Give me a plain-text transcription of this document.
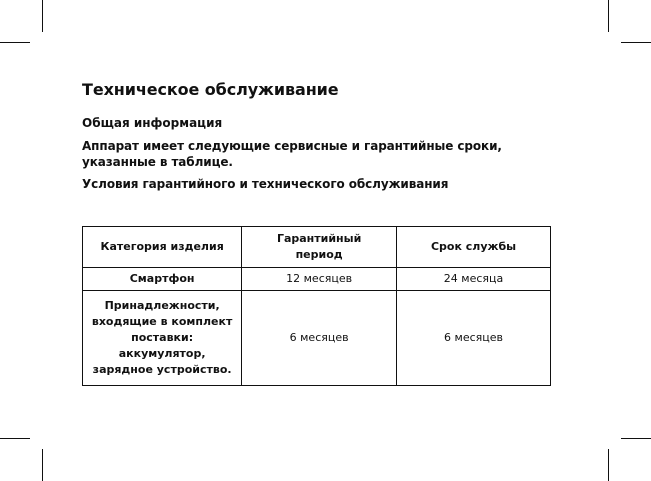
Техническое обслуживание
Общая информация

Аппарат имеет следующие сервисные и гарантийные сроки, указанные в таблице.

Условия гарантийного и технического обслуживания

Категория изделия	Гарантийный период	Срок службы
Смартфон	12 месяцев	24 месяца

Принадлежности,
входящие в комплект
поставки:
аккумулятор,
зарядное устройство.	6 месяцев	6 месяцев
